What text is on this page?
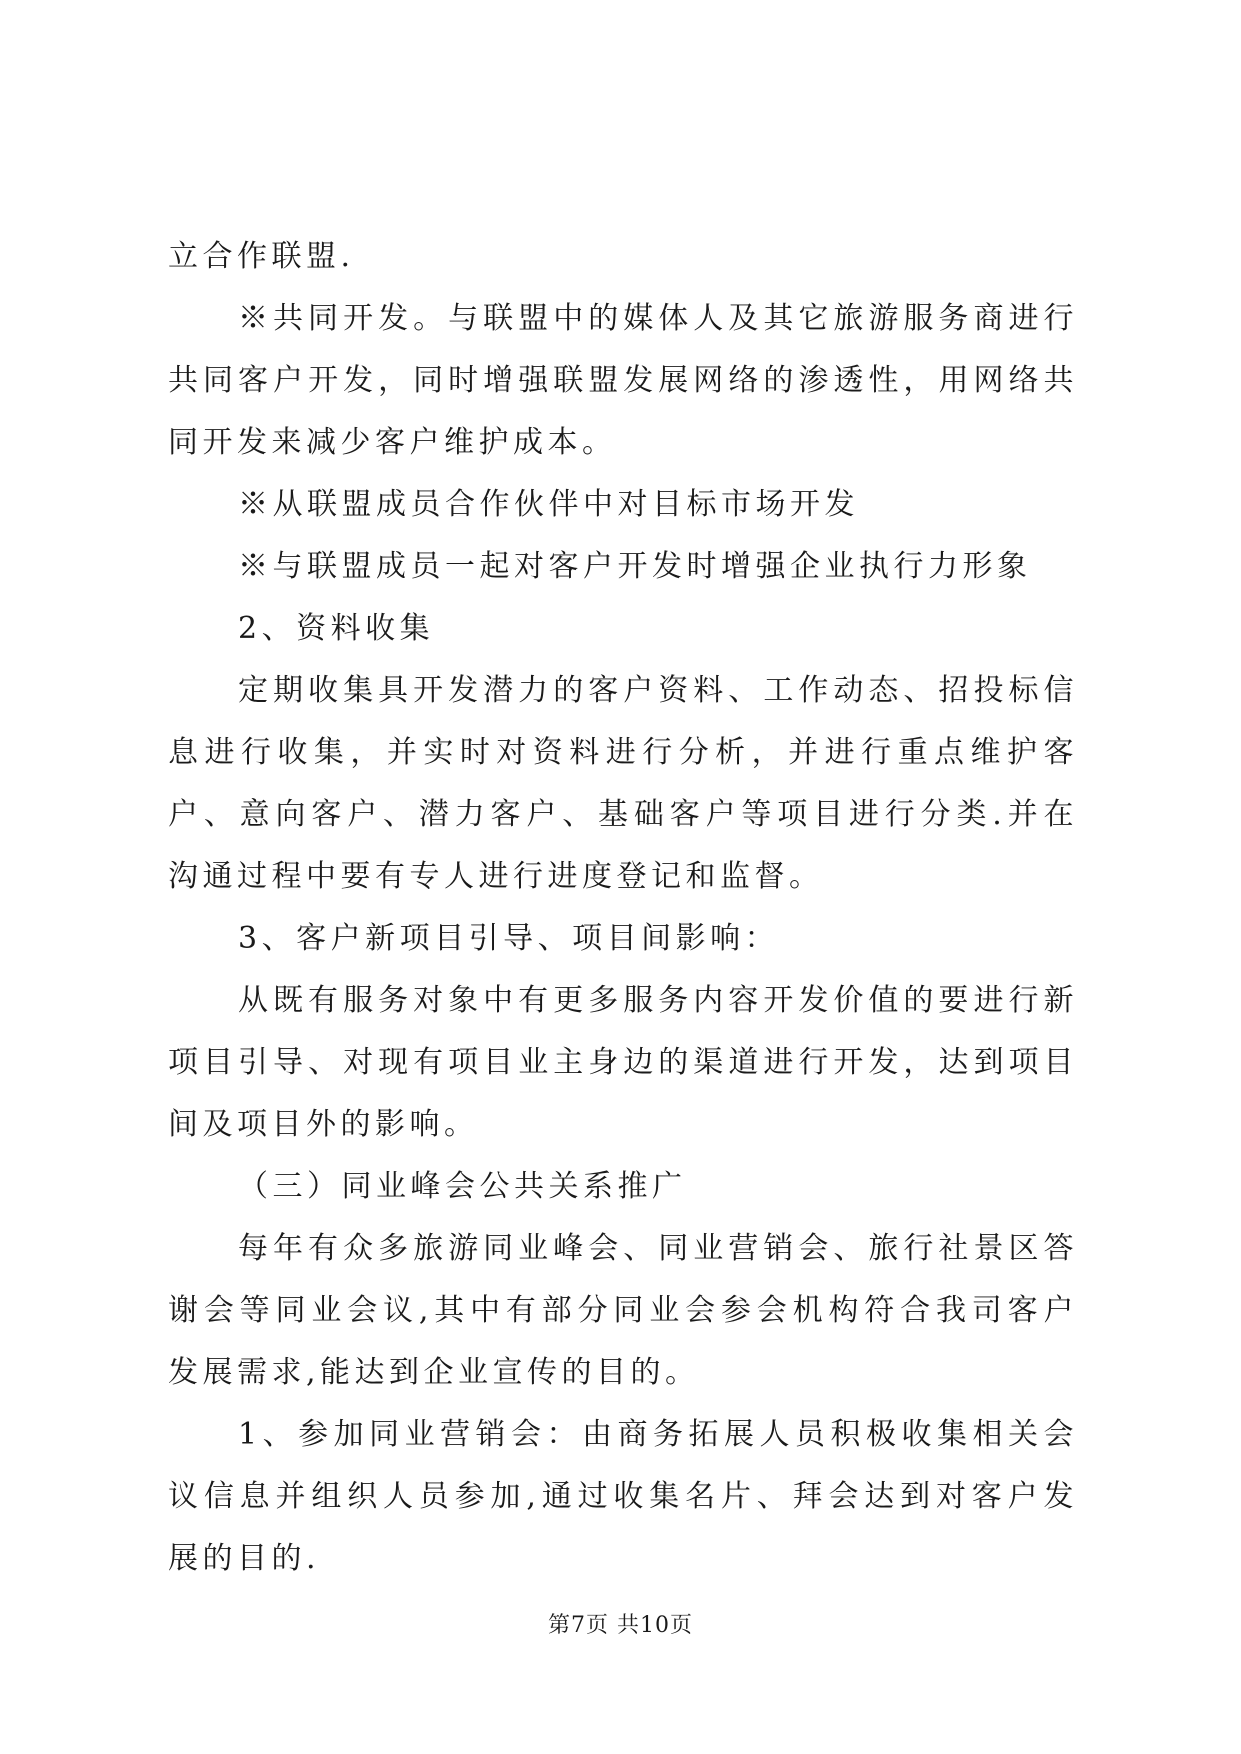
立合作联盟.

※共同开发。与联盟中的媒体人及其它旅游服务商进行共同客户开发，同时增强联盟发展网络的渗透性，用网络共同开发来减少客户维护成本。

※从联盟成员合作伙伴中对目标市场开发

※与联盟成员一起对客户开发时增强企业执行力形象

2、资料收集

定期收集具开发潜力的客户资料、工作动态、招投标信息进行收集，并实时对资料进行分析，并进行重点维护客户、意向客户、潜力客户、基础客户等项目进行分类.并在沟通过程中要有专人进行进度登记和监督。

3、客户新项目引导、项目间影响：

从既有服务对象中有更多服务内容开发价值的要进行新项目引导、对现有项目业主身边的渠道进行开发，达到项目间及项目外的影响。

（三）同业峰会公共关系推广

每年有众多旅游同业峰会、同业营销会、旅行社景区答谢会等同业会议,其中有部分同业会参会机构符合我司客户发展需求,能达到企业宣传的目的。

1、参加同业营销会：由商务拓展人员积极收集相关会议信息并组织人员参加,通过收集名片、拜会达到对客户发展的目的.

第7页 共10页
